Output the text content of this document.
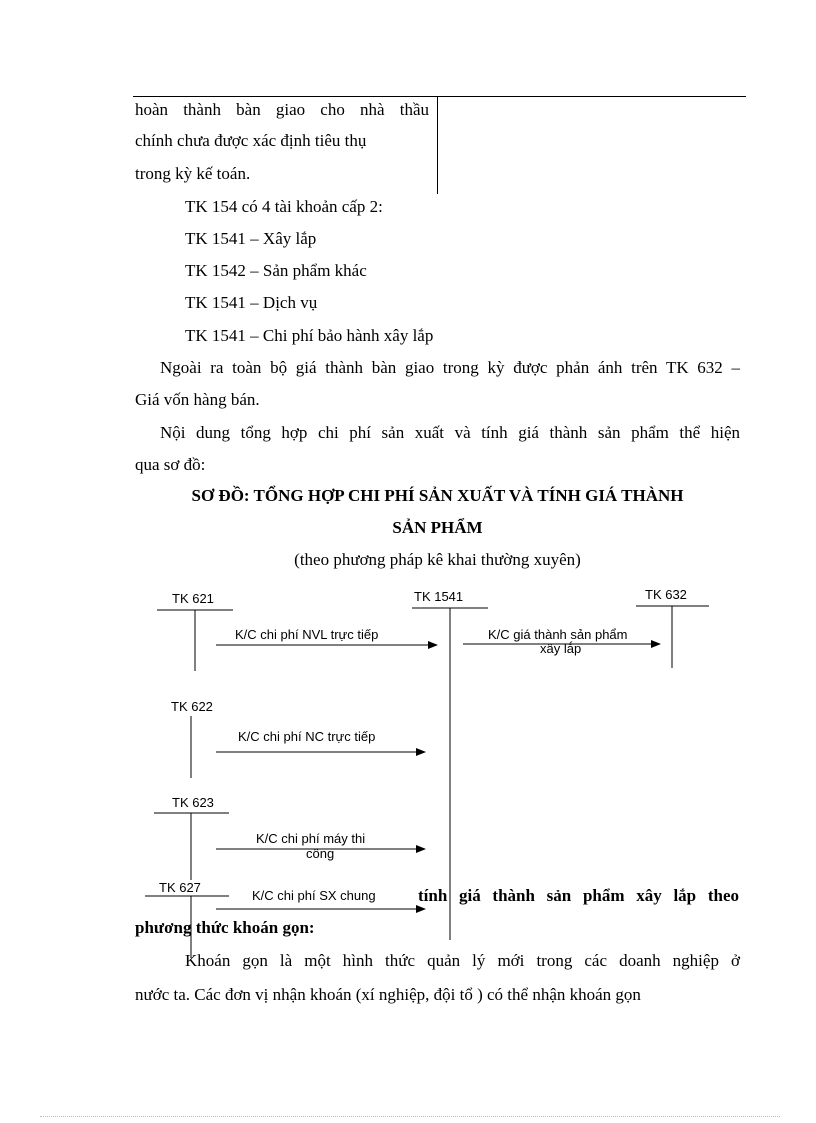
hoàn thành bàn giao cho nhà thầu
chính chưa được xác định tiêu thụ
trong kỳ kế toán.
TK 154 có 4 tài khoản cấp 2:
TK 1541 – Xây lắp
TK 1542 – Sản phẩm khác
TK 1541 – Dịch vụ
TK 1541 – Chi phí bảo hành xây lắp
Ngoài ra toàn bộ giá thành bàn giao trong kỳ được phản ánh trên TK 632 –
Giá vốn hàng bán.
Nội dung tổng hợp chi phí sản xuất và tính giá thành sản phẩm thể hiện
qua sơ đồ:
SƠ ĐỒ: TỔNG HỢP CHI PHÍ SẢN XUẤT VÀ TÍNH GIÁ THÀNH
SẢN PHẨM
(theo phương pháp kê khai thường xuyên)
TK 621	TK 1541	TK 632
TK 622
TK 623
TK 627
K/C chi phí NVL trực tiếp	K/C giá thành sản phẩm
xây lắp
K/C chi phí NC trực tiếp
K/C chi phí máy thi
công
K/C chi phí SX chung tính giá thành sản phẩm xây lắp theo
phương thức khoán gọn:
Khoán gọn là một hình thức quản lý mới trong các doanh nghiệp ở
nước ta. Các đơn vị nhận khoán (xí nghiệp, đội tổ ) có thể nhận khoán gọn
